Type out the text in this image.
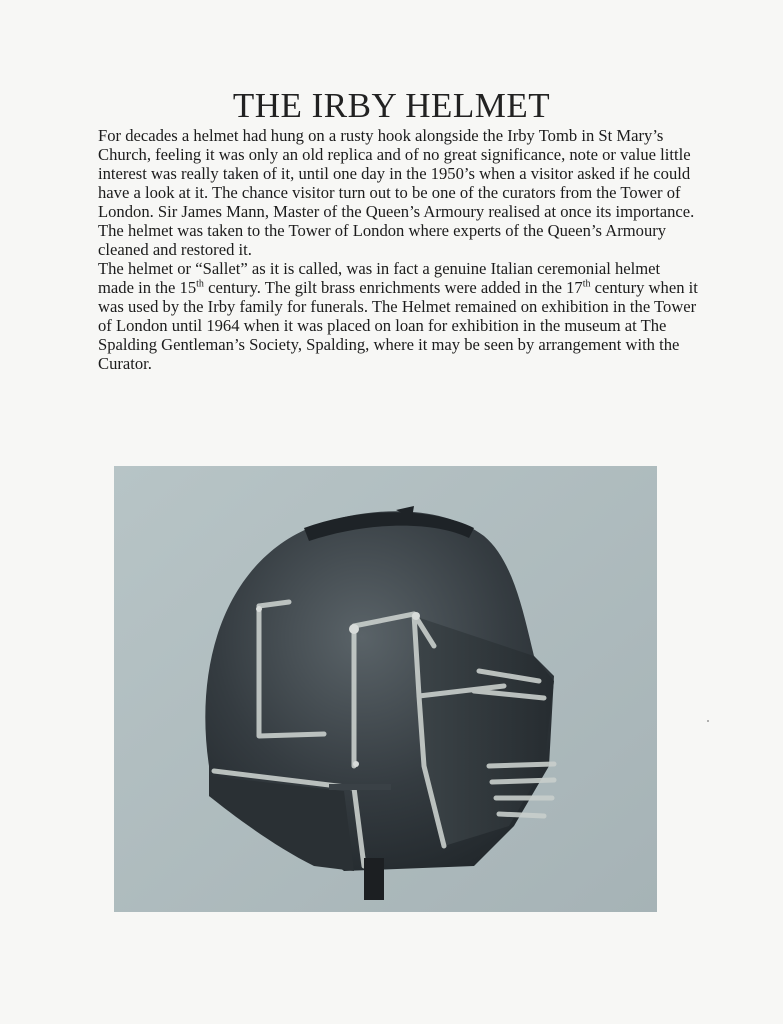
THE IRBY HELMET

For decades a helmet had hung on a rusty hook alongside the Irby Tomb in St Mary’s Church, feeling it was only an old replica and of no great significance, note or value little interest was really taken of it, until one day in the 1950’s when a visitor asked if he could have a look at it. The chance visitor turn out to be one of the curators from the Tower of London. Sir James Mann, Master of the Queen’s Armoury realised at once its importance. The helmet was taken to the Tower of London where experts of the Queen’s Armoury cleaned and restored it.

The helmet or “Sallet” as it is called, was in fact a genuine Italian ceremonial helmet made in the 15th century. The gilt brass enrichments were added in the 17th century when it was used by the Irby family for funerals. The Helmet remained on exhibition in the Tower of London until 1964 when it was placed on loan for exhibition in the museum at The Spalding Gentleman’s Society, Spalding, where it may be seen by arrangement with the Curator.
